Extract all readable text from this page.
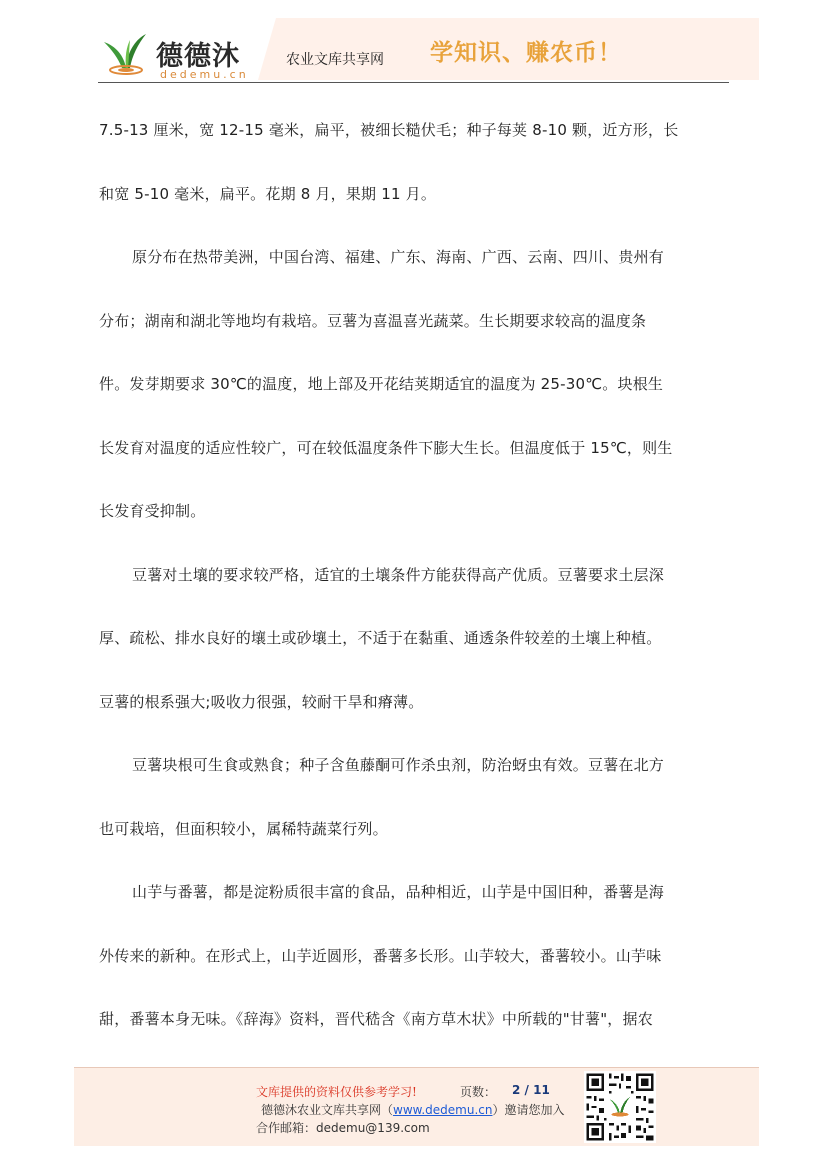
德德沐
dedemu.cn
农业文库共享网 学知识、赚农币！
7.5-13 厘米，宽 12-15 毫米，扁平，被细长糙伏毛；种子每荚 8-10 颗，近方形，长
和宽 5-10 毫米，扁平。花期 8 月，果期 11 月。
原分布在热带美洲，中国台湾、福建、广东、海南、广西、云南、四川、贵州有
分布；湖南和湖北等地均有栽培。豆薯为喜温喜光蔬菜。生长期要求较高的温度条
件。发芽期要求 30℃的温度，地上部及开花结荚期适宜的温度为 25-30℃。块根生
长发育对温度的适应性较广，可在较低温度条件下膨大生长。但温度低于 15℃，则生
长发育受抑制。
豆薯对土壤的要求较严格，适宜的土壤条件方能获得高产优质。豆薯要求土层深
厚、疏松、排水良好的壤土或砂壤土，不适于在黏重、通透条件较差的土壤上种植。
豆薯的根系强大;吸收力很强，较耐干旱和瘠薄。
豆薯块根可生食或熟食；种子含鱼藤酮可作杀虫剂，防治蚜虫有效。豆薯在北方
也可栽培，但面积较小，属稀特蔬菜行列。
山芋与番薯，都是淀粉质很丰富的食品，品种相近，山芋是中国旧种，番薯是海
外传来的新种。在形式上，山芋近圆形，番薯多长形。山芋较大，番薯较小。山芋味
甜，番薯本身无味。《辞海》资料，晋代嵇含《南方草木状》中所载的"甘薯"，据农
文库提供的资料仅供参考学习!	页数： 2 / 11
德德沐农业文库共享网（www.dedemu.cn）邀请您加入
合作邮箱：dedemu@139.com
